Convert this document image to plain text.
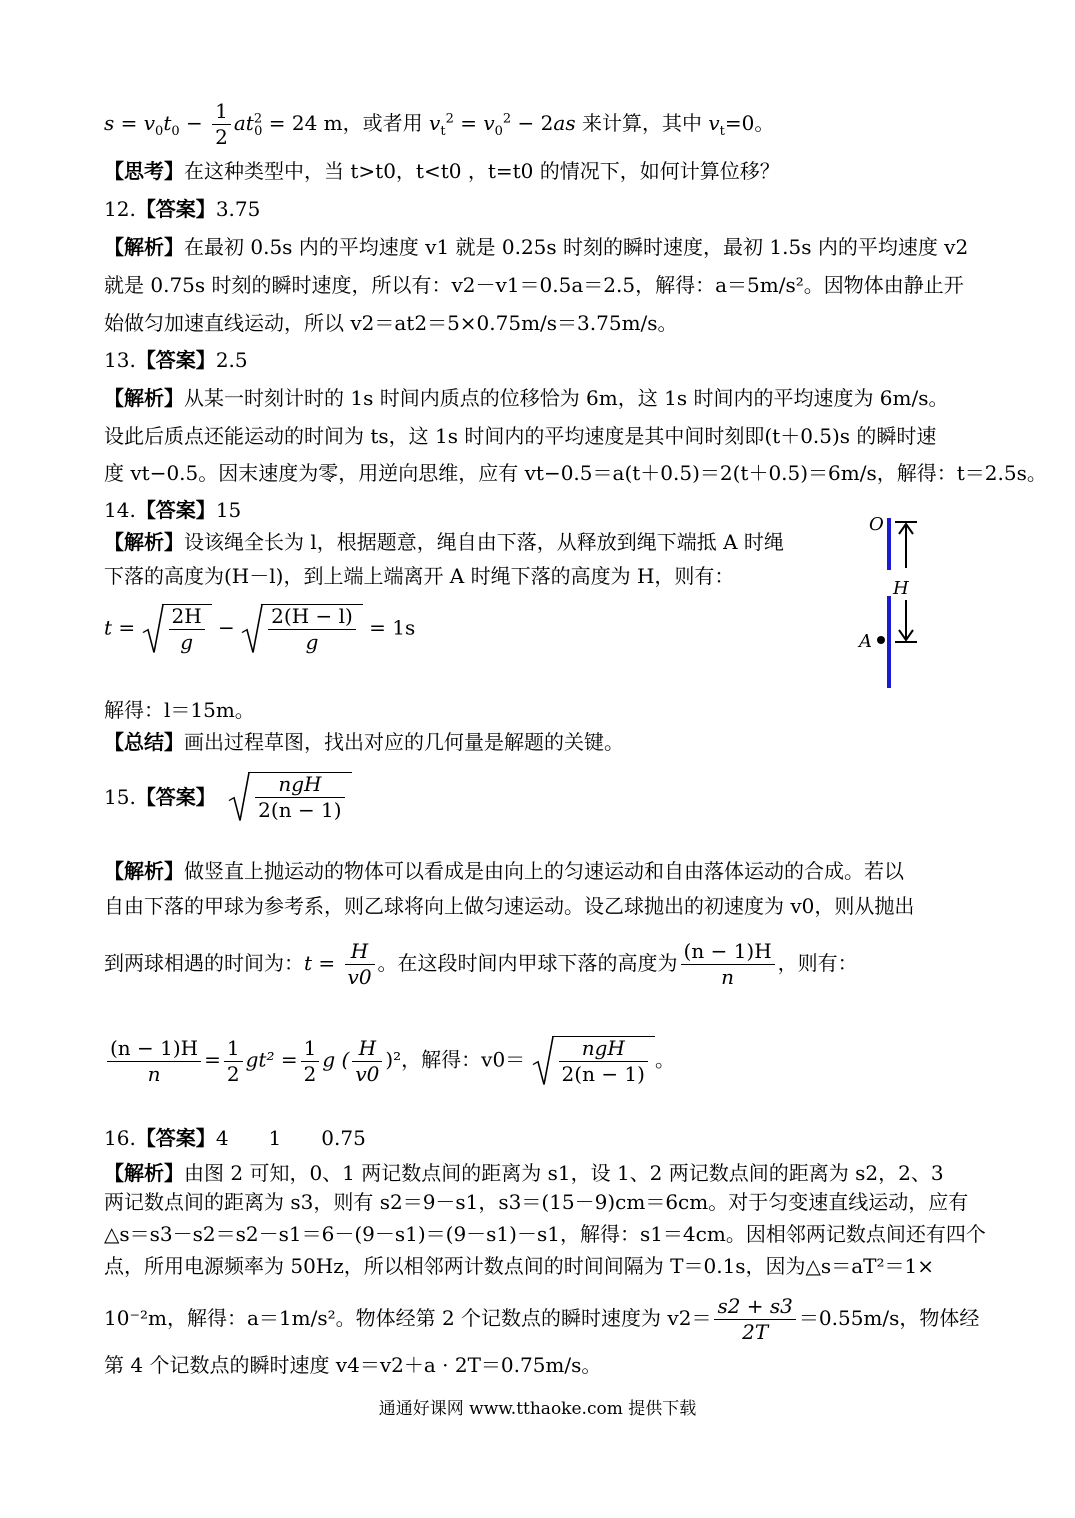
$s = v_0t_0 - \frac{1}{2} at^2_0 = 24$ m，或者用 $v_t^2 = v_0^2 - 2as$ 来计算，其中 $v_t=0$。
【思考】在这种类型中，当 t>t0，t<t0 ，t=t0 的情况下，如何计算位移？
12.【答案】3.75
【解析】在最初 0.5s 内的平均速度 v1 就是 0.25s 时刻的瞬时速度，最初 1.5s 内的平均速度 v2
就是 0.75s 时刻的瞬时速度，所以有：v2－v1＝0.5a＝2.5，解得：a＝5m/s²。因物体由静止开
始做匀加速直线运动，所以 v2＝at2＝5×0.75m/s＝3.75m/s。
13.【答案】2.5
【解析】从某一时刻计时的 1s 时间内质点的位移恰为 6m，这 1s 时间内的平均速度为 6m/s。
设此后质点还能运动的时间为 ts，这 1s 时间内的平均速度是其中间时刻即(t＋0.5)s 的瞬时速
度 vt−0.5。因末速度为零，用逆向思维，应有 vt−0.5＝a(t＋0.5)＝2(t＋0.5)＝6m/s，解得：t＝2.5s。
14.【答案】15
【解析】设该绳全长为 l，根据题意，绳自由下落，从释放到绳下端抵 A 时绳
下落的高度为(H－l)，到上端上端离开 A 时绳下落的高度为 H，则有：
$t = \frac{2H}{g} - \frac{2(H - l)}{g} = 1s$
解得：l＝15m。
【总结】画出过程草图，找出对应的几何量是解题的关键。
O
H
A
15.【答案】 $\frac{\text{ngH}}{2(n - 1)}$
【解析】做竖直上抛运动的物体可以看成是由向上的匀速运动和自由落体运动的合成。若以
自由下落的甲球为参考系，则乙球将向上做匀速运动。设乙球抛出的初速度为 v0，则从抛出
到两球相遇的时间为：$t = \frac{H}{v0}$ 。在这段时间内甲球下落的高度为 $\frac{(n - 1)H}{n}$ ，则有：
$\frac{(n - 1)H}{n} = \frac{1}{2} gt^2 = \frac{1}{2}$ g ( $\frac{H}{v0} )^2$，解得：$v0= \frac{\text{ngH}}{2(n - 1)}$ 。
16.【答案】4　　1　　0.75
【解析】由图 2 可知，0、1 两记数点间的距离为 s1，设 1、2 两记数点间的距离为 s2，2、3
两记数点间的距离为 s3，则有 s2＝9－s1，s3＝(15－9)cm＝6cm。对于匀变速直线运动，应有
△s＝s3－s2＝s2－s1＝6－(9－s1)＝(9－s1)－s1，解得：s1＝4cm。因相邻两记数点间还有四个
点，所用电源频率为 50Hz，所以相邻两计数点间的时间间隔为 T＝0.1s，因为△s＝aT²＝1×
10⁻²m，解得：a＝1m/s²。物体经第 2 个记数点的瞬时速度为 $v2= \frac{s2 + s3}{2T} =0.55m/s$，物体经
第 4 个记数点的瞬时速度 v4＝v2＋a · 2T＝0.75m/s。
通通好课网 www.tthaoke.com 提供下载
